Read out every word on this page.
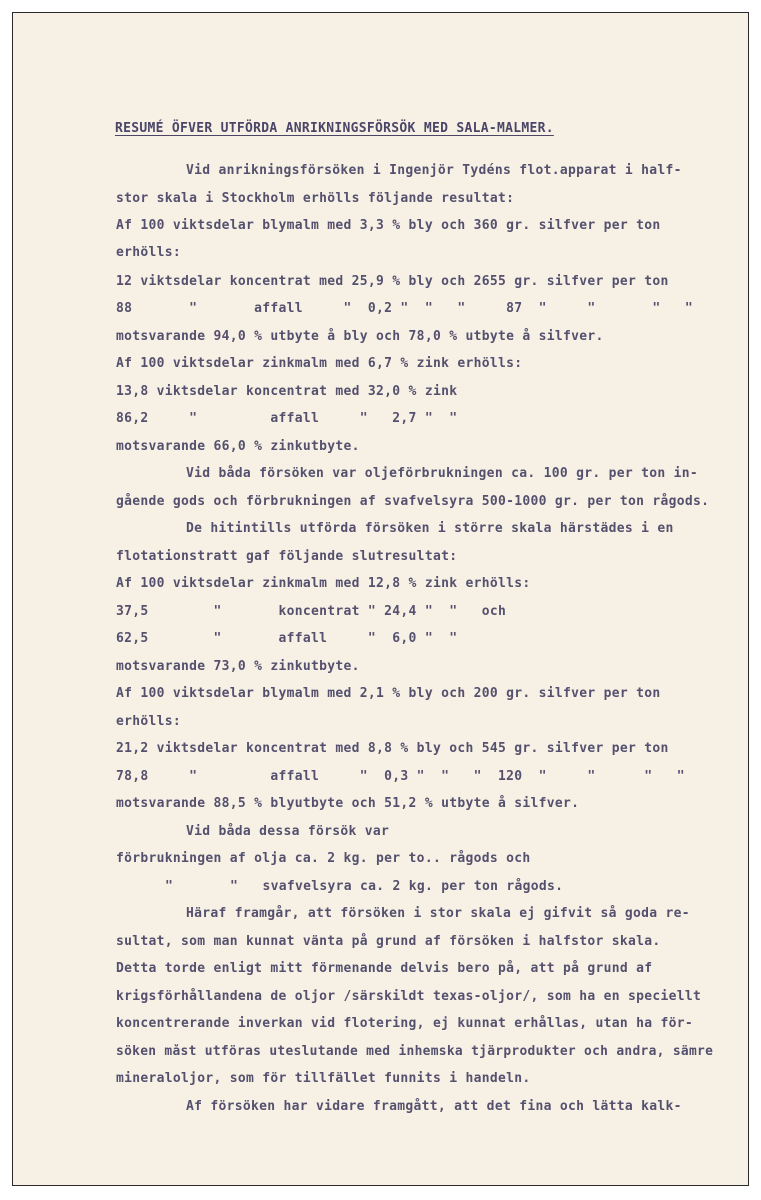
RESUMÉ ÖFVER UTFÖRDA ANRIKNINGSFÖRSÖK MED SALA-MALMER.

Vid anrikningsförsöken i Ingenjör Tydéns flot.apparat i half-

stor skala i Stockholm erhölls följande resultat:

Af 100 viktsdelar blymalm med 3,3 % bly och 360 gr. silfver per ton

erhölls:

12 viktsdelar koncentrat med 25,9 % bly och 2655 gr. silfver per ton

88       "       affall     "  0,2 "  "   "     87  "     "       "   "

motsvarande 94,0 % utbyte å bly och 78,0 % utbyte å silfver.

Af 100 viktsdelar zinkmalm med 6,7 % zink erhölls:

13,8 viktsdelar koncentrat med 32,0 % zink

86,2     "         affall     "   2,7 "  "

motsvarande 66,0 % zinkutbyte.

Vid båda försöken var oljeförbrukningen ca. 100 gr. per ton in-

gående gods och förbrukningen af svafvelsyra 500-1000 gr. per ton rågods.

De hitintills utförda försöken i större skala härstädes i en

flotationstratt gaf följande slutresultat:

Af 100 viktsdelar zinkmalm med 12,8 % zink erhölls:

37,5        "       koncentrat " 24,4 "  "   och

62,5        "       affall     "  6,0 "  "

motsvarande 73,0 % zinkutbyte.

Af 100 viktsdelar blymalm med 2,1 % bly och 200 gr. silfver per ton

erhölls:

21,2 viktsdelar koncentrat med 8,8 % bly och 545 gr. silfver per ton

78,8     "         affall     "  0,3 "  "   "  120  "     "      "   "

motsvarande 88,5 % blyutbyte och 51,2 % utbyte å silfver.

Vid båda dessa försök var

förbrukningen af olja ca. 2 kg. per to.. rågods och

"       "   svafvelsyra ca. 2 kg. per ton rågods.

Häraf framgår, att försöken i stor skala ej gifvit så goda re-

sultat, som man kunnat vänta på grund af försöken i halfstor skala.

Detta torde enligt mitt förmenande delvis bero på, att på grund af

krigsförhållandena de oljor /särskildt texas-oljor/, som ha en speciellt

koncentrerande inverkan vid flotering, ej kunnat erhållas, utan ha för-

söken måst utföras uteslutande med inhemska tjärprodukter och andra, sämre

mineraloljor, som för tillfället funnits i handeln.

Af försöken har vidare framgått, att det fina och lätta kalk-
